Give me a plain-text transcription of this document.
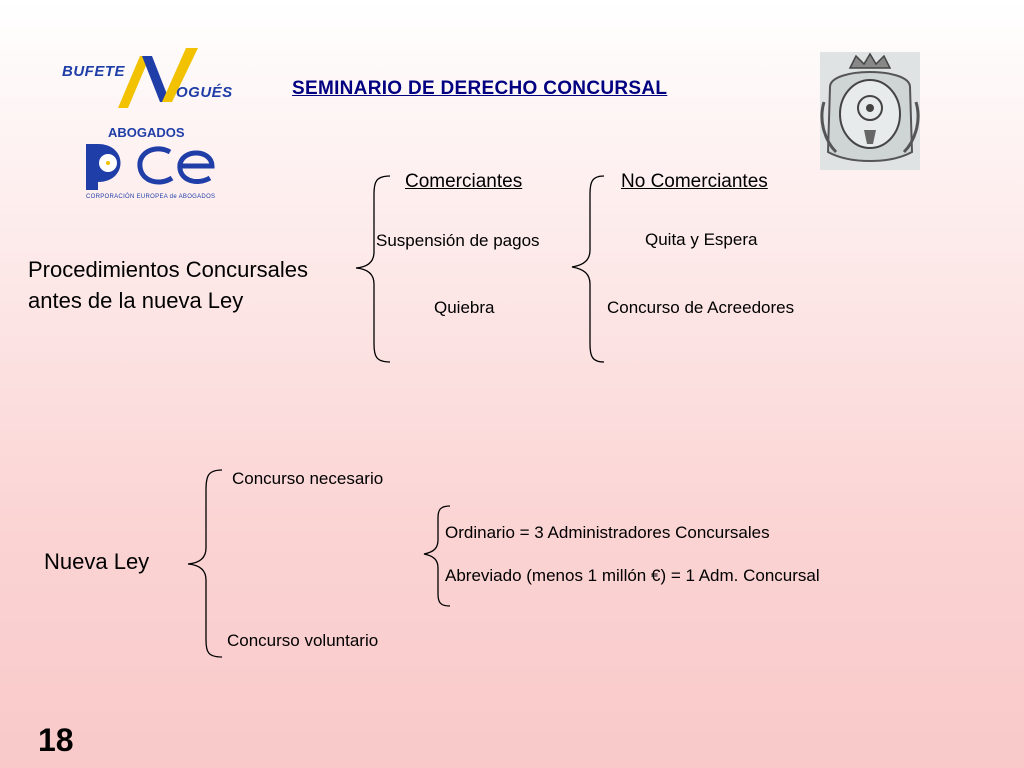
BUFETE
OGUÉS
ABOGADOS
CORPORACIÓN EUROPEA de ABOGADOS
SEMINARIO DE DERECHO CONCURSAL
Comerciantes	No Comerciantes
Procedimientos Concursales
antes de la nueva Ley
Suspensión de pagos
Quiebra
Quita y Espera
Concurso de Acreedores
Nueva Ley
Concurso necesario
Concurso voluntario
Ordinario = 3 Administradores Concursales
Abreviado (menos 1 millón €) = 1 Adm. Concursal
18
